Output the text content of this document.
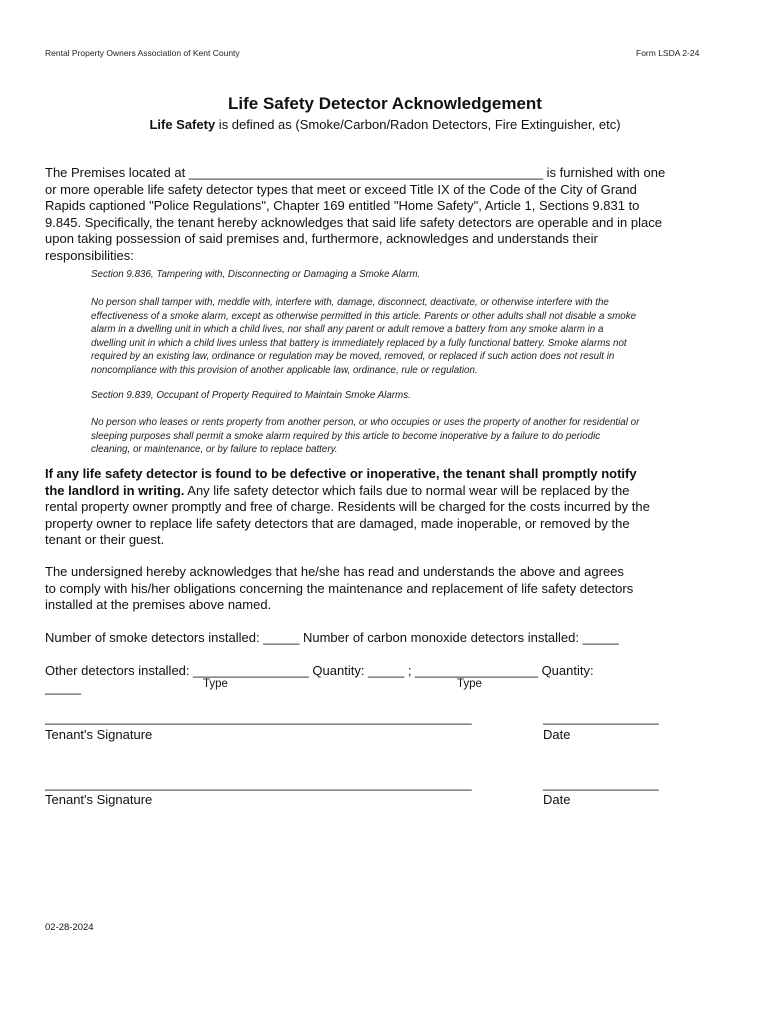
Rental Property Owners Association of Kent County	Form LSDA 2-24
Life Safety Detector Acknowledgement
Life Safety is defined as (Smoke/Carbon/Radon Detectors, Fire Extinguisher, etc)
The Premises located at _________________________________________________ is furnished with one
or more operable life safety detector types that meet or exceed Title IX of the Code of the City of Grand
Rapids captioned "Police Regulations", Chapter 169 entitled "Home Safety", Article 1, Sections 9.831 to
9.845. Specifically, the tenant hereby acknowledges that said life safety detectors are operable and in place
upon taking possession of said premises and, furthermore, acknowledges and understands their
responsibilities:
Section 9.836, Tampering with, Disconnecting or Damaging a Smoke Alarm.
No person shall tamper with, meddle with, interfere with, damage, disconnect, deactivate, or otherwise interfere with the
effectiveness of a smoke alarm, except as otherwise permitted in this article. Parents or other adults shall not disable a smoke
alarm in a dwelling unit in which a child lives, nor shall any parent or adult remove a battery from any smoke alarm in a
dwelling unit in which a child lives unless that battery is immediately replaced by a fully functional battery. Smoke alarms not
required by an existing law, ordinance or regulation may be moved, removed, or replaced if such action does not result in
noncompliance with this provision of another applicable law, ordinance, rule or regulation.
Section 9.839, Occupant of Property Required to Maintain Smoke Alarms.
No person who leases or rents property from another person, or who occupies or uses the property of another for residential or
sleeping purposes shall permit a smoke alarm required by this article to become inoperative by a failure to do periodic
cleaning, or maintenance, or by failure to replace battery.
If any life safety detector is found to be defective or inoperative, the tenant shall promptly notify
the landlord in writing. Any life safety detector which fails due to normal wear will be replaced by the
rental property owner promptly and free of charge. Residents will be charged for the costs incurred by the
property owner to replace life safety detectors that are damaged, made inoperable, or removed by the
tenant or their guest.
The undersigned hereby acknowledges that he/she has read and understands the above and agrees
to comply with his/her obligations concerning the maintenance and replacement of life safety detectors
installed at the premises above named.
Number of smoke detectors installed: _____ Number of carbon monoxide detectors installed: _____
Other detectors installed: ________________ Quantity: _____ ; _________________ Quantity:
_____	Type	Type
___________________________________________________________	________________
Tenant's Signature	Date
___________________________________________________________	________________
Tenant's Signature	Date
02-28-2024
